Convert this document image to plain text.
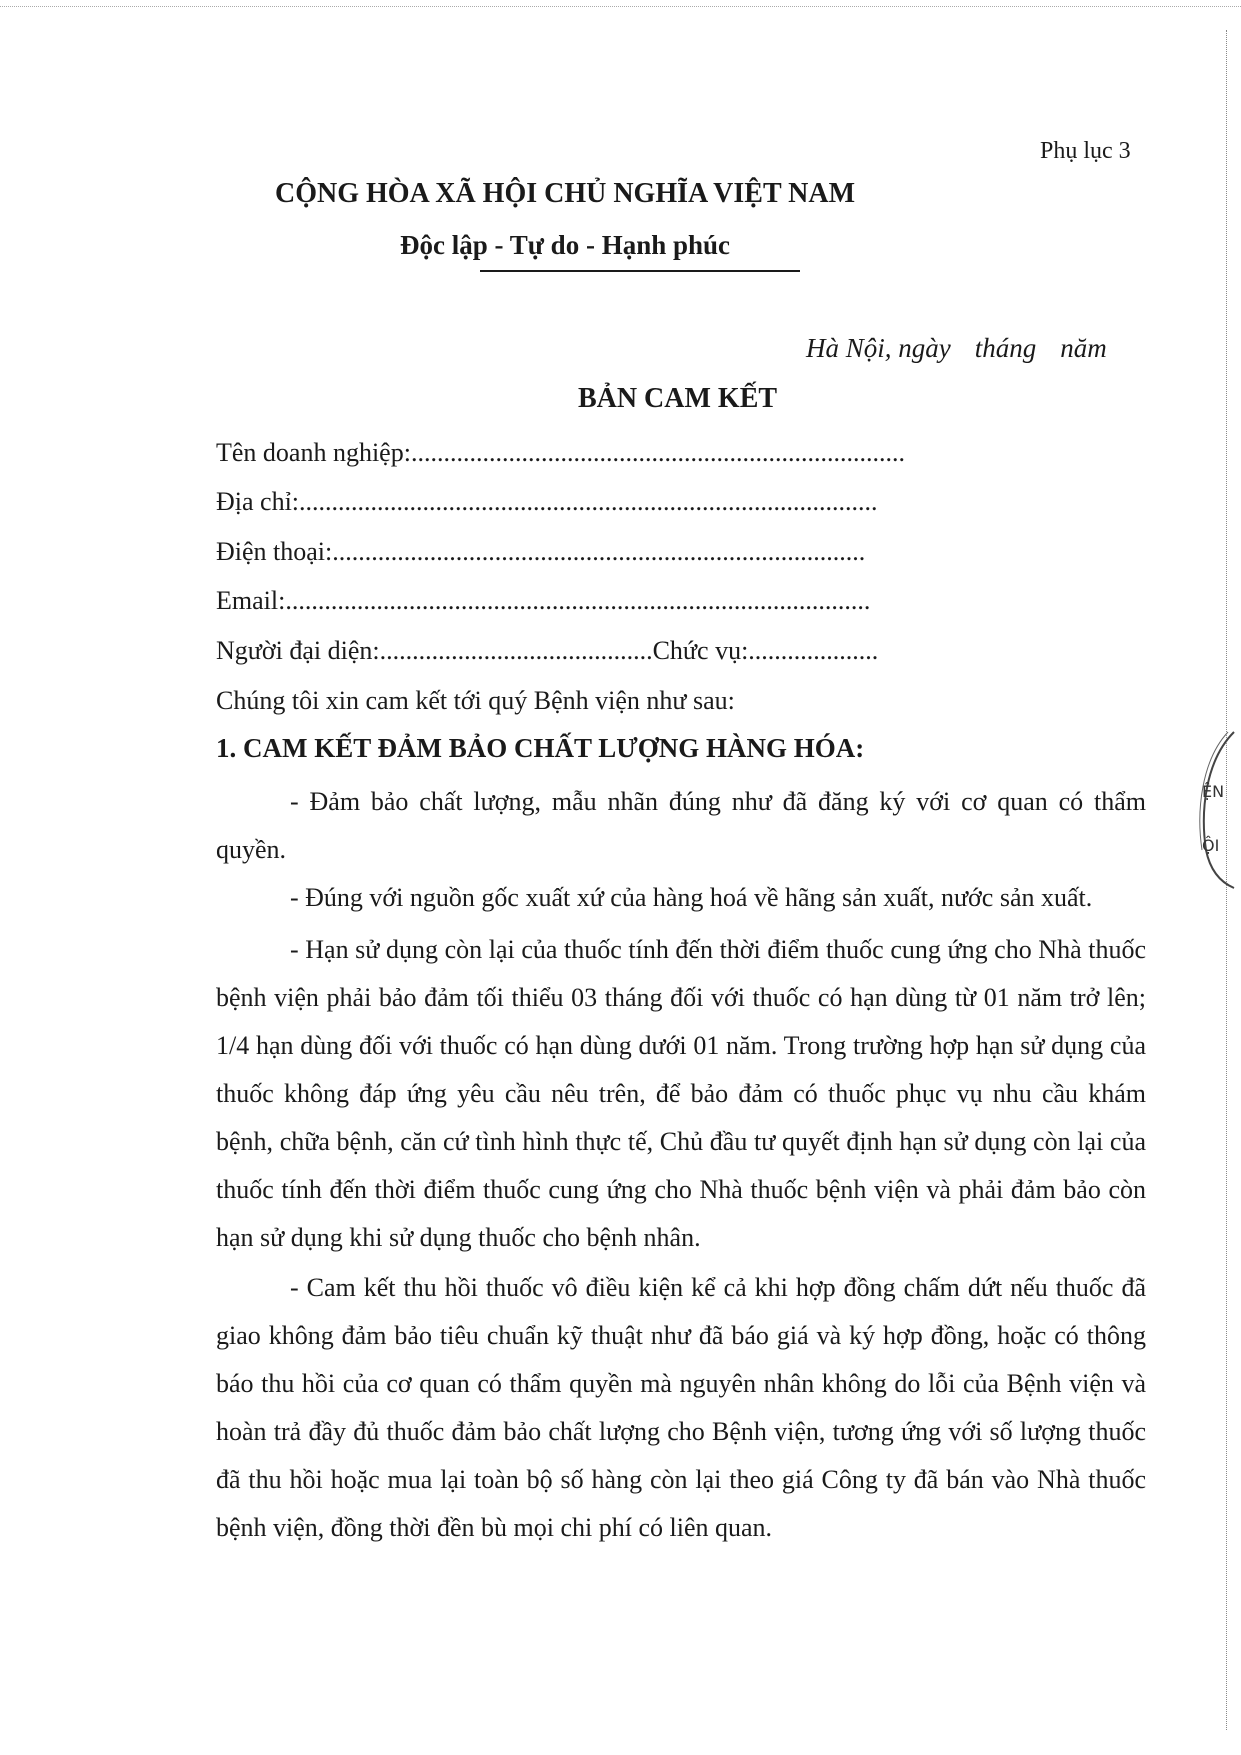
Phụ lục 3
CỘNG HÒA XÃ HỘI CHỦ NGHĨA VIỆT NAM
Độc lập - Tự do - Hạnh phúc
Hà Nội, ngày tháng năm
BẢN CAM KẾT
Tên doanh nghiệp:............................................................................
Địa chỉ:.........................................................................................
Điện thoại:..................................................................................
Email:..........................................................................................
Người đại diện:..........................................Chức vụ:....................
Chúng tôi xin cam kết tới quý Bệnh viện như sau:
1. CAM KẾT ĐẢM BẢO CHẤT LƯỢNG HÀNG HÓA:
- Đảm bảo chất lượng, mẫu nhãn đúng như đã đăng ký với cơ quan có thẩm quyền.
- Đúng với nguồn gốc xuất xứ của hàng hoá về hãng sản xuất, nước sản xuất.
- Hạn sử dụng còn lại của thuốc tính đến thời điểm thuốc cung ứng cho Nhà thuốc bệnh viện phải bảo đảm tối thiểu 03 tháng đối với thuốc có hạn dùng từ 01 năm trở lên; 1/4 hạn dùng đối với thuốc có hạn dùng dưới 01 năm. Trong trường hợp hạn sử dụng của thuốc không đáp ứng yêu cầu nêu trên, để bảo đảm có thuốc phục vụ nhu cầu khám bệnh, chữa bệnh, căn cứ tình hình thực tế, Chủ đầu tư quyết định hạn sử dụng còn lại của thuốc tính đến thời điểm thuốc cung ứng cho Nhà thuốc bệnh viện và phải đảm bảo còn hạn sử dụng khi sử dụng thuốc cho bệnh nhân.
- Cam kết thu hồi thuốc vô điều kiện kể cả khi hợp đồng chấm dứt nếu thuốc đã giao không đảm bảo tiêu chuẩn kỹ thuật như đã báo giá và ký hợp đồng, hoặc có thông báo thu hồi của cơ quan có thẩm quyền mà nguyên nhân không do lỗi của Bệnh viện và hoàn trả đầy đủ thuốc đảm bảo chất lượng cho Bệnh viện, tương ứng với số lượng thuốc đã thu hồi hoặc mua lại toàn bộ số hàng còn lại theo giá Công ty đã bán vào Nhà thuốc bệnh viện, đồng thời đền bù mọi chi phí có liên quan.
ỆN
ỘI
